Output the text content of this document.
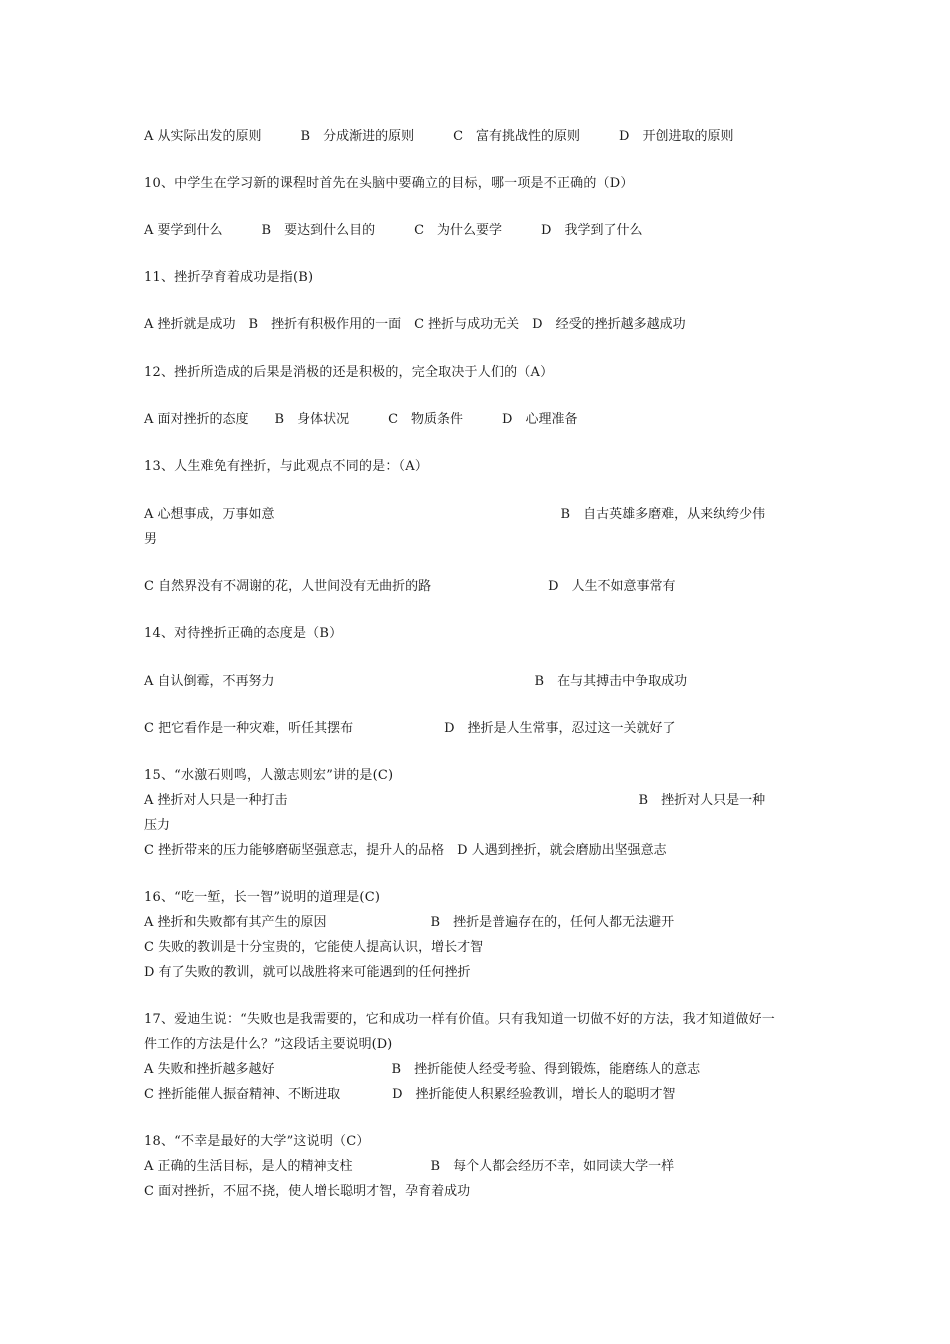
A 从实际出发的原则　　　B　分成渐进的原则　　　C　富有挑战性的原则　　　D　开创进取的原则
10、中学生在学习新的课程时首先在头脑中要确立的目标，哪一项是不正确的（D）
A 要学到什么　　　B　要达到什么目的　　　C　为什么要学　　　D　我学到了什么
11、挫折孕育着成功是指(B)
A 挫折就是成功　B　挫折有积极作用的一面　C 挫折与成功无关　D　经受的挫折越多越成功
12、挫折所造成的后果是消极的还是积极的，完全取决于人们的（A）
A 面对挫折的态度　　B　身体状况　　　C　物质条件　　　D　心理准备
13、人生难免有挫折，与此观点不同的是：（A）
A 心想事成，万事如意　　　　　　　　　　　　　　　　　　　　　　B　自古英雄多磨难，从来纨绔少伟
男
C 自然界没有不凋谢的花，人世间没有无曲折的路　　　　　　　　　D　人生不如意事常有
14、对待挫折正确的态度是（B）
A 自认倒霉，不再努力　　　　　　　　　　　　　　　　　　　　B　在与其搏击中争取成功
C 把它看作是一种灾难，听任其摆布　　　　　　　D　挫折是人生常事，忍过这一关就好了
15、“水激石则鸣，人激志则宏”讲的是(C)
A 挫折对人只是一种打击　　　　　　　　　　　　　　　　　　　　　　　　　　　B　挫折对人只是一种
压力
C 挫折带来的压力能够磨砺坚强意志，提升人的品格　D 人遇到挫折，就会磨励出坚强意志
16、“吃一堑，长一智”说明的道理是(C)
A 挫折和失败都有其产生的原因　　　　　　　　B　挫折是普遍存在的，任何人都无法避开
C 失败的教训是十分宝贵的，它能使人提高认识，增长才智
D 有了失败的教训，就可以战胜将来可能遇到的任何挫折
17、爱迪生说：“失败也是我需要的，它和成功一样有价值。只有我知道一切做不好的方法，我才知道做好一
件工作的方法是什么？”这段话主要说明(D)
A 失败和挫折越多越好　　　　　　　　　B　挫折能使人经受考验、得到锻炼，能磨练人的意志
C 挫折能催人振奋精神、不断进取　　　　D　挫折能使人积累经验教训，增长人的聪明才智
18、“不幸是最好的大学”这说明（C）
A 正确的生活目标，是人的精神支柱　　　　　　B　每个人都会经历不幸，如同读大学一样
C 面对挫折，不屈不挠，使人增长聪明才智，孕育着成功
